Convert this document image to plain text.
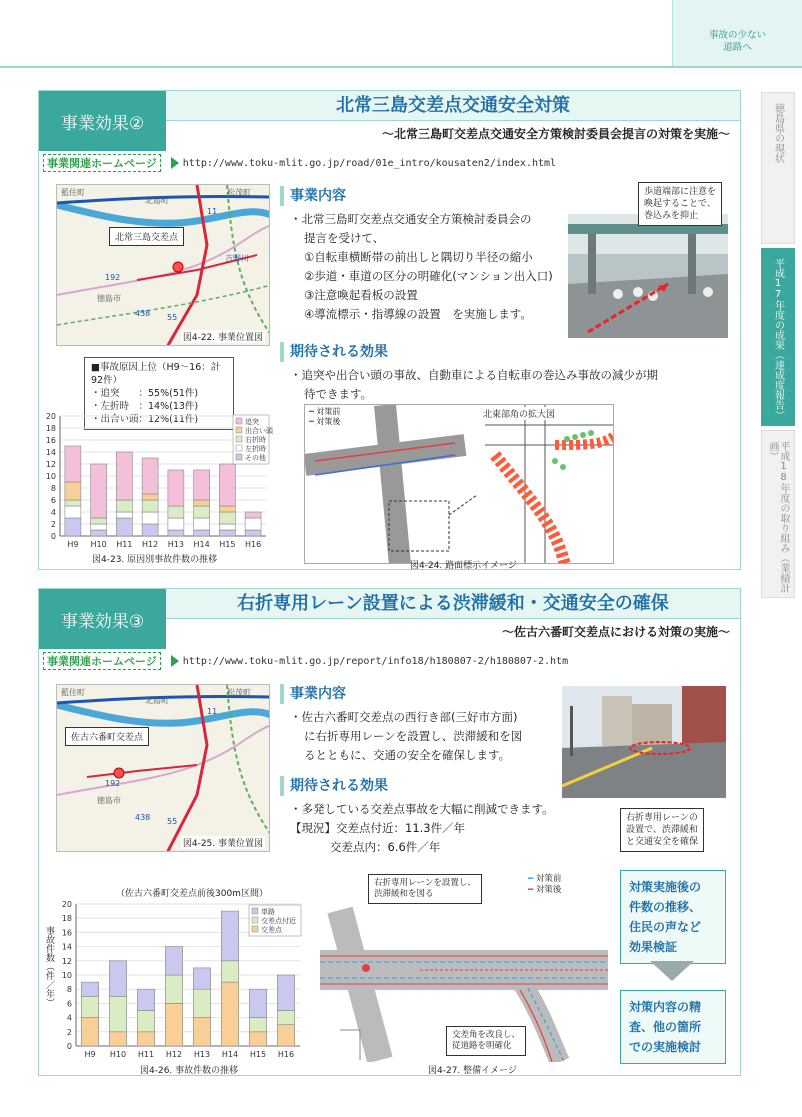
事故の少ない
道路へ
徳島県の現状
平成17年度の成果（達成度報告）
平成18年度の取り組み（業績計画）
事業効果②
北常三島交差点交通安全対策
～北常三島町交差点交通安全方策検討委員会提言の対策を実施～
事業関連ホームページ	http://www.toku-mlit.go.jp/road/01e_intro/kousaten2/index.html
藍住町
北島町
松茂町
徳島市
11
192
438 55
吉野川
北常三島交差点
図4-22. 事業位置図
事業内容

・北常三島町交差点交通安全方策検討委員会の

提言を受けて、

①自転車横断帯の前出しと隅切り半径の縮小

②歩道・車道の区分の明確化(マンション出入口)

③注意喚起看板の設置

④導流標示・指導線の設置　を実施します。

歩道端部に注意を
喚起することで、
巻込みを抑止
期待される効果

・追突や出合い頭の事故、自動車による自転車の巻込み事故の減少が期

待できます。

■事故原因上位（H9～16：計92件）
・追突　　：55%(51件)
・左折時　：14%(13件)
・出合い頭：12%(11件)
0
2
4
6
8
10
12
14
16
18
20
H9 H10 H11 H12 H13 H14 H15 H16
追突
出合い頭
右折時
左折時
その他
図4-23. 原因別事故件数の推移
━ 対策前
━ 対策後
北東部角の拡大図
図4-24. 路面標示イメージ
事業効果③
右折専用レーン設置による渋滞緩和・交通安全の確保
～佐古六番町交差点における対策の実施～
事業関連ホームページ	http://www.toku-mlit.go.jp/report/info18/h180807-2/h180807-2.htm
藍住町
北島町
松茂町
徳島市
11
192
438 55
佐古六番町交差点
図4-25. 事業位置図
事業内容

・佐古六番町交差点の西行き部(三好市方面)

に右折専用レーンを設置し、渋滞緩和を図

るとともに、交通の安全を確保します。

右折専用レーンの
設置で、渋滞緩和
と交通安全を確保
期待される効果

・多発している交差点事故を大幅に削減できます。

【現況】交差点付近：11.3件／年

交差点内：6.6件／年

（佐古六番町交差点前後300m区間）
事故件数（件／年）
0
2
4
6
8
10
12
14
16
18
20
H9 H10 H11 H12 H13 H14 H15 H16
単路
交差点付近
交差点
図4-26. 事故件数の推移
右折専用レーンを設置し、
渋滞緩和を図る
交差角を改良し、
従道路を明確化
━ 対策前
━ 対策後
図4-27. 整備イメージ
対策実施後の
件数の推移、
住民の声など
効果検証
対策内容の精
査、他の箇所
での実施検討
